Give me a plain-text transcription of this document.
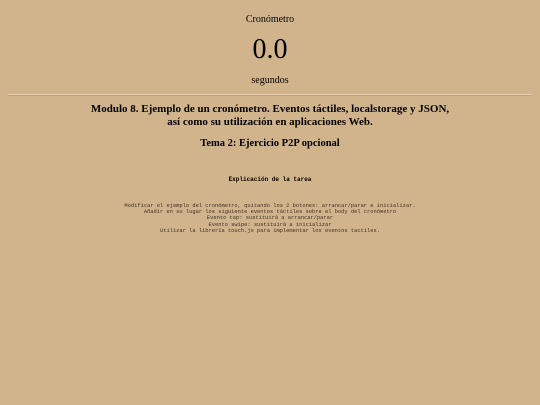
Cronómetro
0.0
segundos
Modulo 8. Ejemplo de un cronómetro. Eventos táctiles, localstorage y JSON,
así como su utilización en aplicaciones Web.
Tema 2: Ejercicio P2P opcional
Explicación de la tarea
Modificar el ejemplo del cronómetro, quitando los 2 botones: arrancar/parar e inicializar.
Añadir en su lugar los siguiente eventos táctiles sobre el body del cronómetro
Evento tap: sustituirá a arrancar/parar
Evento swipe: sustituirá a inicializar
Utilizar la librería touch.js para implementar los eventos tactiles.
